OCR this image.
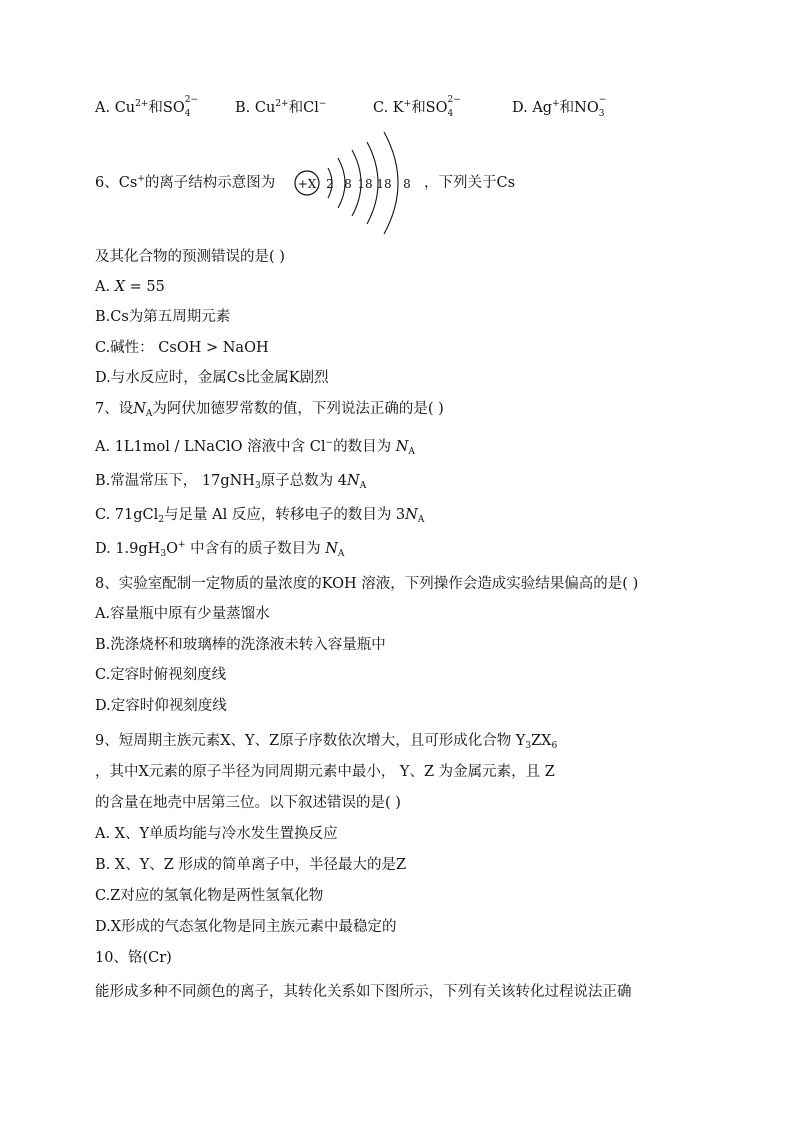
A. $Cu^{2+}$和SO 2−
4	B. $Cu^{2+}$和Cl−	C. K+和SO 2−
4	D. Ag+和NO −
3
6、Cs+的离子结构示意图为 +X 2 8 18 18 8 ，下列关于Cs
及其化合物的预测错误的是( )
A. X = 55
B.Cs为第五周期元素
C.碱性： CsOH > NaOH
D.与水反应时，金属Cs比金属K剧烈
7、设$N_A$为阿伏加德罗常数的值，下列说法正确的是( )
A. 1L1mol / LNaClO 溶液中含 Cl−的数目为 $N_A$
B.常温常压下， 17gNH$_3$原子总数为 $4N_A$
C. 71gCl$_2$与足量 Al 反应，转移电子的数目为 $3N_A$
D. $1.9gH_3O^+$ 中含有的质子数目为 $N_A$
8、实验室配制一定物质的量浓度的KOH 溶液，下列操作会造成实验结果偏高的是( )
A.容量瓶中原有少量蒸馏水
B.洗涤烧杯和玻璃棒的洗涤液未转入容量瓶中
C.定容时俯视刻度线
D.定容时仰视刻度线
9、短周期主族元素X、Y、Z原子序数依次增大，且可形成化合物 $Y_3ZX_6$
，其中X元素的原子半径为同周期元素中最小， Y、Z 为金属元素，且 Z
的含量在地壳中居第三位。以下叙述错误的是( )
A. X、Y单质均能与冷水发生置换反应
B. X、Y、Z 形成的简单离子中，半径最大的是Z
C.Z对应的氢氧化物是两性氢氧化物
D.X形成的气态氢化物是同主族元素中最稳定的
10、铬(Cr)
能形成多种不同颜色的离子，其转化关系如下图所示，下列有关该转化过程说法正确
